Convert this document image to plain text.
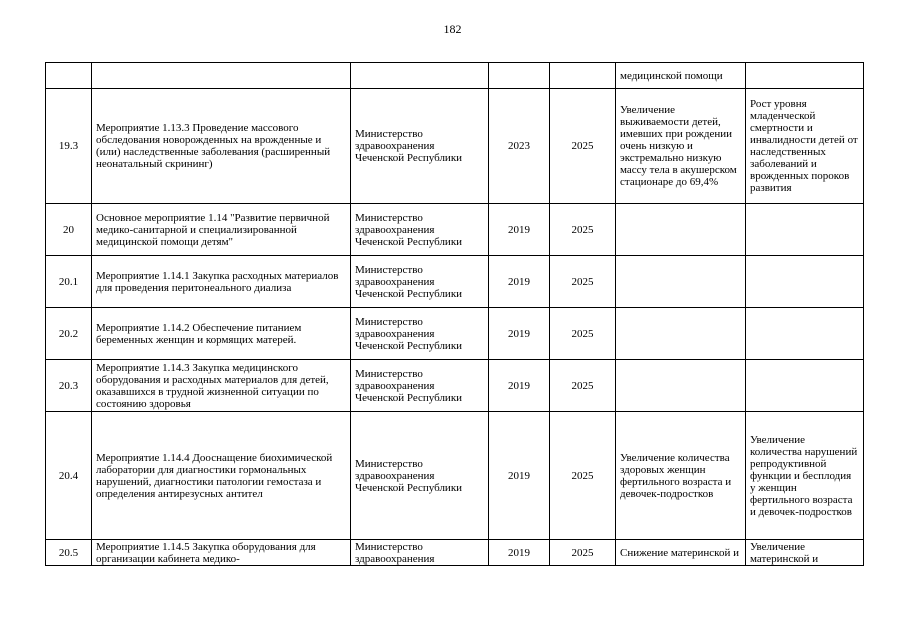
182
					медицинской помощи	
19.3	Мероприятие 1.13.3 Проведение массового обследования новорожденных на врожденные и (или) наследственные заболевания (расширенный неонатальный скрининг)	Министерство здравоохранения Чеченской Республики	2023	2025	Увеличение выживаемости детей, имевших при рождении очень низкую и экстремально низкую массу тела в акушерском стационаре до 69,4%	Рост уровня младенческой смертности и инвалидности детей от наследственных заболеваний и врожденных пороков развития
20	Основное мероприятие 1.14 "Развитие первичной медико-санитарной и специализированной медицинской помощи детям"	Министерство здравоохранения Чеченской Республики	2019	2025		
20.1	Мероприятие 1.14.1 Закупка расходных материалов для проведения перитонеального диализа	Министерство здравоохранения Чеченской Республики	2019	2025		
20.2	Мероприятие 1.14.2 Обеспечение питанием беременных женщин и кормящих матерей.	Министерство здравоохранения Чеченской Республики	2019	2025		
20.3	Мероприятие 1.14.3 Закупка медицинского оборудования и расходных материалов для детей, оказавшихся в трудной жизненной ситуации по состоянию здоровья	Министерство здравоохранения Чеченской Республики	2019	2025		
20.4	Мероприятие 1.14.4 Дооснащение биохимической лаборатории для диагностики гормональных нарушений, диагностики патологии гемостаза и определения антирезусных антител	Министерство здравоохранения Чеченской Республики	2019	2025	Увеличение количества здоровых женщин фертильного возраста и девочек-подростков	Увеличение количества нарушений репродуктивной функции и бесплодия у женщин фертильного возраста и девочек-подростков
20.5	Мероприятие 1.14.5 Закупка оборудования для организации кабинета медико-	Министерство здравоохранения	2019	2025	Снижение материнской и	Увеличение материнской и
